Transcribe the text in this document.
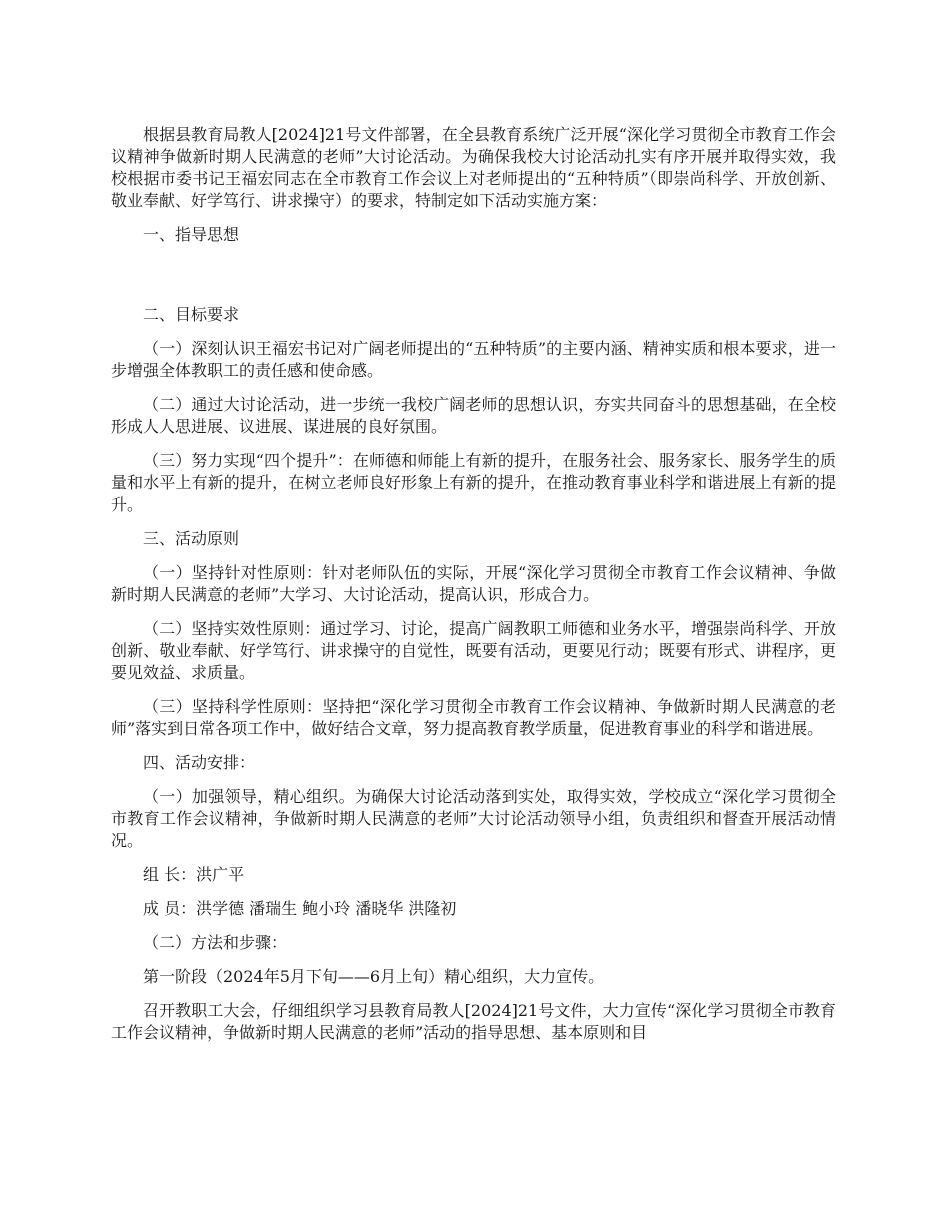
根据县教育局教人[2024]21号文件部署，在全县教育系统广泛开展“深化学习贯彻全市教育工作会议精神争做新时期人民满意的老师”大讨论活动。为确保我校大讨论活动扎实有序开展并取得实效，我校根据市委书记王福宏同志在全市教育工作会议上对老师提出的“五种特质”（即崇尚科学、开放创新、敬业奉献、好学笃行、讲求操守）的要求，特制定如下活动实施方案：

一、指导思想

二、目标要求

（一）深刻认识王福宏书记对广阔老师提出的“五种特质”的主要内涵、精神实质和根本要求，进一步增强全体教职工的责任感和使命感。

（二）通过大讨论活动，进一步统一我校广阔老师的思想认识，夯实共同奋斗的思想基础，在全校形成人人思进展、议进展、谋进展的良好氛围。

（三）努力实现“四个提升”：在师德和师能上有新的提升，在服务社会、服务家长、服务学生的质量和水平上有新的提升，在树立老师良好形象上有新的提升，在推动教育事业科学和谐进展上有新的提升。

三、活动原则

（一）坚持针对性原则：针对老师队伍的实际，开展“深化学习贯彻全市教育工作会议精神、争做新时期人民满意的老师”大学习、大讨论活动，提高认识，形成合力。

（二）坚持实效性原则：通过学习、讨论，提高广阔教职工师德和业务水平，增强崇尚科学、开放创新、敬业奉献、好学笃行、讲求操守的自觉性，既要有活动，更要见行动；既要有形式、讲程序，更要见效益、求质量。

（三）坚持科学性原则：坚持把“深化学习贯彻全市教育工作会议精神、争做新时期人民满意的老师”落实到日常各项工作中，做好结合文章，努力提高教育教学质量，促进教育事业的科学和谐进展。

四、活动安排：

（一）加强领导，精心组织。为确保大讨论活动落到实处，取得实效，学校成立“深化学习贯彻全市教育工作会议精神，争做新时期人民满意的老师”大讨论活动领导小组，负责组织和督查开展活动情况。

组 长：洪广平

成 员：洪学德 潘瑞生 鲍小玲 潘晓华 洪隆初

（二）方法和步骤：

第一阶段（2024年5月下旬——6月上旬）精心组织，大力宣传。

召开教职工大会，仔细组织学习县教育局教人[2024]21号文件，大力宣传“深化学习贯彻全市教育工作会议精神，争做新时期人民满意的老师”活动的指导思想、基本原则和目
